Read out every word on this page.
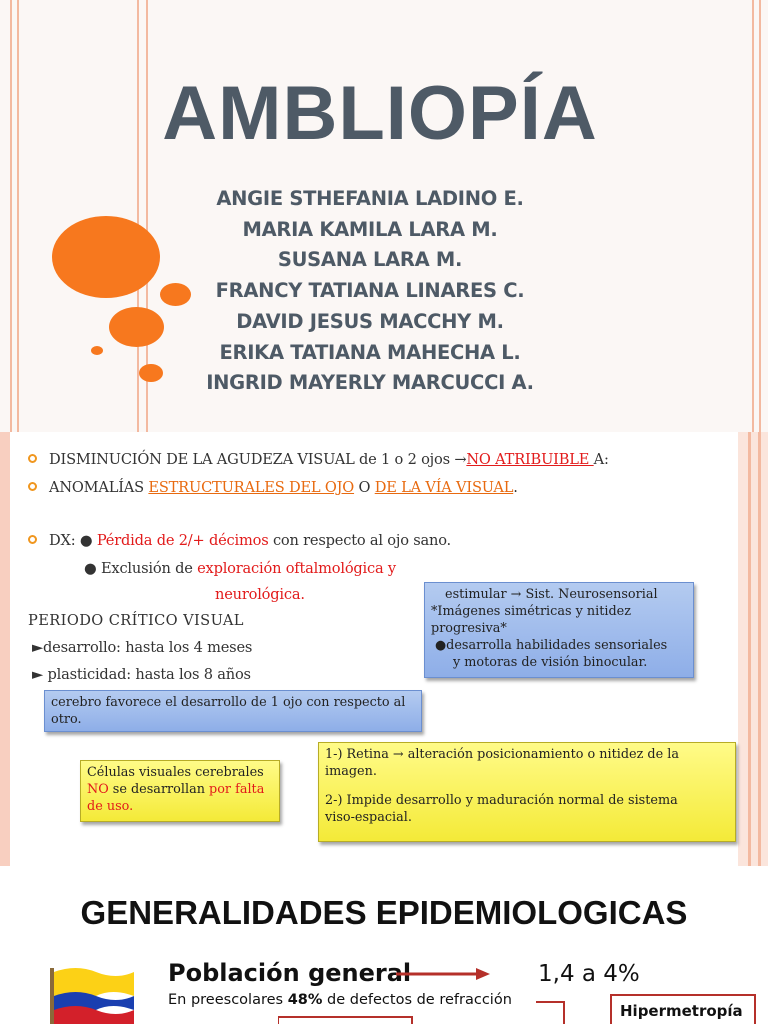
AMBLIOPÍA
ANGIE STHEFANIA LADINO E.
MARIA KAMILA LARA M.
SUSANA LARA M.
FRANCY TATIANA LINARES C.
DAVID JESUS MACCHY M.
ERIKA TATIANA MAHECHA L.
INGRID MAYERLY MARCUCCI A.
DISMINUCIÓN DE LA AGUDEZA VISUAL de 1 o 2 ojos →NO ATRIBUIBLE A:
ANOMALÍAS ESTRUCTURALES DEL OJO O DE LA VÍA VISUAL.
DX: ● Pérdida de 2/+ décimos con respecto al ojo sano.
● Exclusión de exploración oftalmológica y
neurológica.
PERIODO CRÍTICO VISUAL
►desarrollo: hasta los 4 meses
► plasticidad: hasta los 8 años
estimular → Sist. Neurosensorial
*Imágenes simétricas y nitidez
progresiva*
●desarrolla habilidades sensoriales
y motoras de visión binocular.
cerebro favorece el desarrollo de 1 ojo con respecto al
otro.
Células visuales cerebrales
NO se desarrollan por falta
de uso.
1-) Retina → alteración posicionamiento o nitidez de la
imagen.
2-) Impide desarrollo y maduración normal de sistema
viso-espacial.
GENERALIDADES EPIDEMIOLOGICAS
Población general	1,4 a 4%
En preescolares 48% de defectos de refracción
Hipermetropía
